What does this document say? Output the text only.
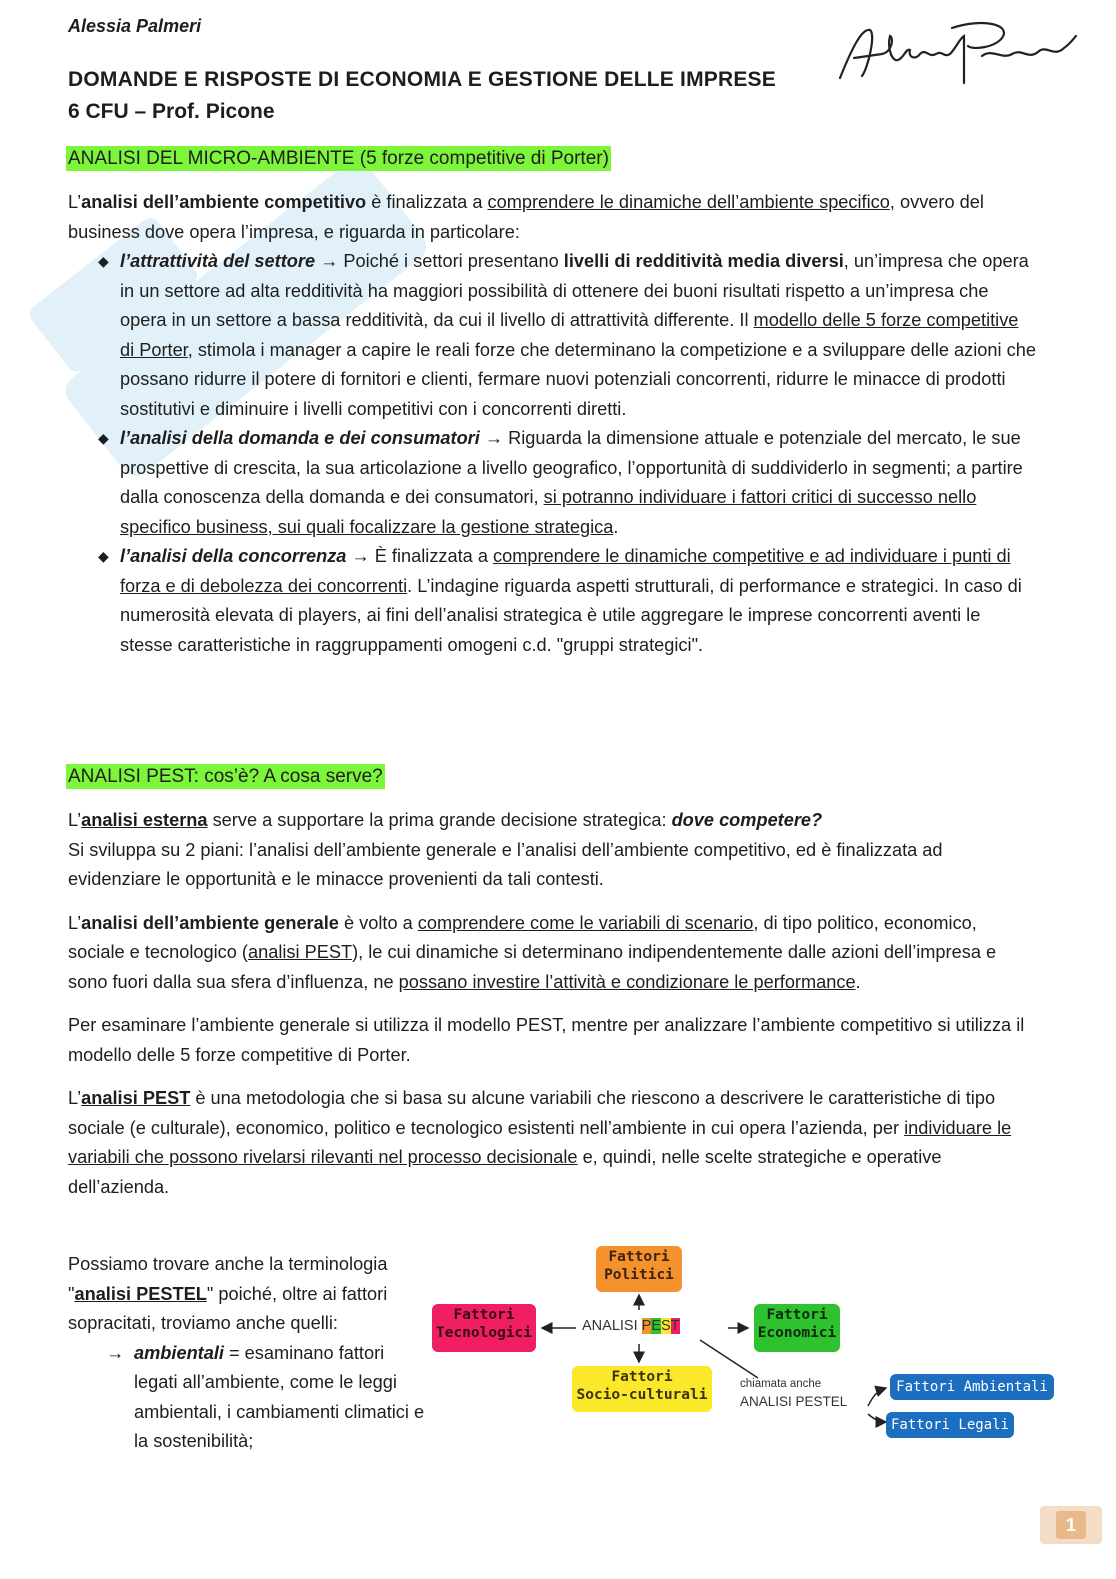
Alessia Palmeri
DOMANDE E RISPOSTE DI ECONOMIA E GESTIONE DELLE IMPRESE
6 CFU – Prof. Picone
ANALISI DEL MICRO-AMBIENTE (5 forze competitive di Porter)

L’analisi dell’ambiente competitivo è finalizzata a comprendere le dinamiche dell’ambiente specifico, ovvero del business dove opera l’impresa, e riguarda in particolare:

◆ l’attrattività del settore → Poiché i settori presentano livelli di redditività media diversi, un’impresa che opera in un settore ad alta redditività ha maggiori possibilità di ottenere dei buoni risultati rispetto a un’impresa che opera in un settore a bassa redditività, da cui il livello di attrattività differente. Il modello delle 5 forze competitive di Porter, stimola i manager a capire le reali forze che determinano la competizione e a sviluppare delle azioni che possano ridurre il potere di fornitori e clienti, fermare nuovi potenziali concorrenti, ridurre le minacce di prodotti sostitutivi e diminuire i livelli competitivi con i concorrenti diretti.
◆ l’analisi della domanda e dei consumatori → Riguarda la dimensione attuale e potenziale del mercato, le sue prospettive di crescita, la sua articolazione a livello geografico, l’opportunità di suddividerlo in segmenti; a partire dalla conoscenza della domanda e dei consumatori, si potranno individuare i fattori critici di successo nello specifico business, sui quali focalizzare la gestione strategica.
◆ l’analisi della concorrenza → È finalizzata a comprendere le dinamiche competitive e ad individuare i punti di forza e di debolezza dei concorrenti. L’indagine riguarda aspetti strutturali, di performance e strategici. In caso di numerosità elevata di players, ai fini dell’analisi strategica è utile aggregare le imprese concorrenti aventi le stesse caratteristiche in raggruppamenti omogeni c.d. "gruppi strategici".
ANALISI PEST: cos’è? A cosa serve?

L’analisi esterna serve a supportare la prima grande decisione strategica: dove competere?

Si sviluppa su 2 piani: l’analisi dell’ambiente generale e l’analisi dell’ambiente competitivo, ed è finalizzata ad evidenziare le opportunità e le minacce provenienti da tali contesti.

L’analisi dell’ambiente generale è volto a comprendere come le variabili di scenario, di tipo politico, economico, sociale e tecnologico (analisi PEST), le cui dinamiche si determinano indipendentemente dalle azioni dell’impresa e sono fuori dalla sua sfera d’influenza, ne possano investire l’attività e condizionare le performance.

Per esaminare l’ambiente generale si utilizza il modello PEST, mentre per analizzare l’ambiente competitivo si utilizza il modello delle 5 forze competitive di Porter.

L’analisi PEST è una metodologia che si basa su alcune variabili che riescono a descrivere le caratteristiche di tipo sociale (e culturale), economico, politico e tecnologico esistenti nell’ambiente in cui opera l’azienda, per individuare le variabili che possono rivelarsi rilevanti nel processo decisionale e, quindi, nelle scelte strategiche e operative dell’azienda.

Possiamo trovare anche la terminologia "analisi PESTEL" poiché, oltre ai fattori sopracitati, troviamo anche quelli:

→ ambientali = esaminano fattori legati all’ambiente, come le leggi ambientali, i cambiamenti climatici e la sostenibilità;
Fattori
Politici
Fattori
Tecnologici
Fattori
Economici
Fattori
Socio-culturali
ANALISI PEST
chiamata anche
ANALISI PESTEL
Fattori Ambientali
Fattori Legali
1
